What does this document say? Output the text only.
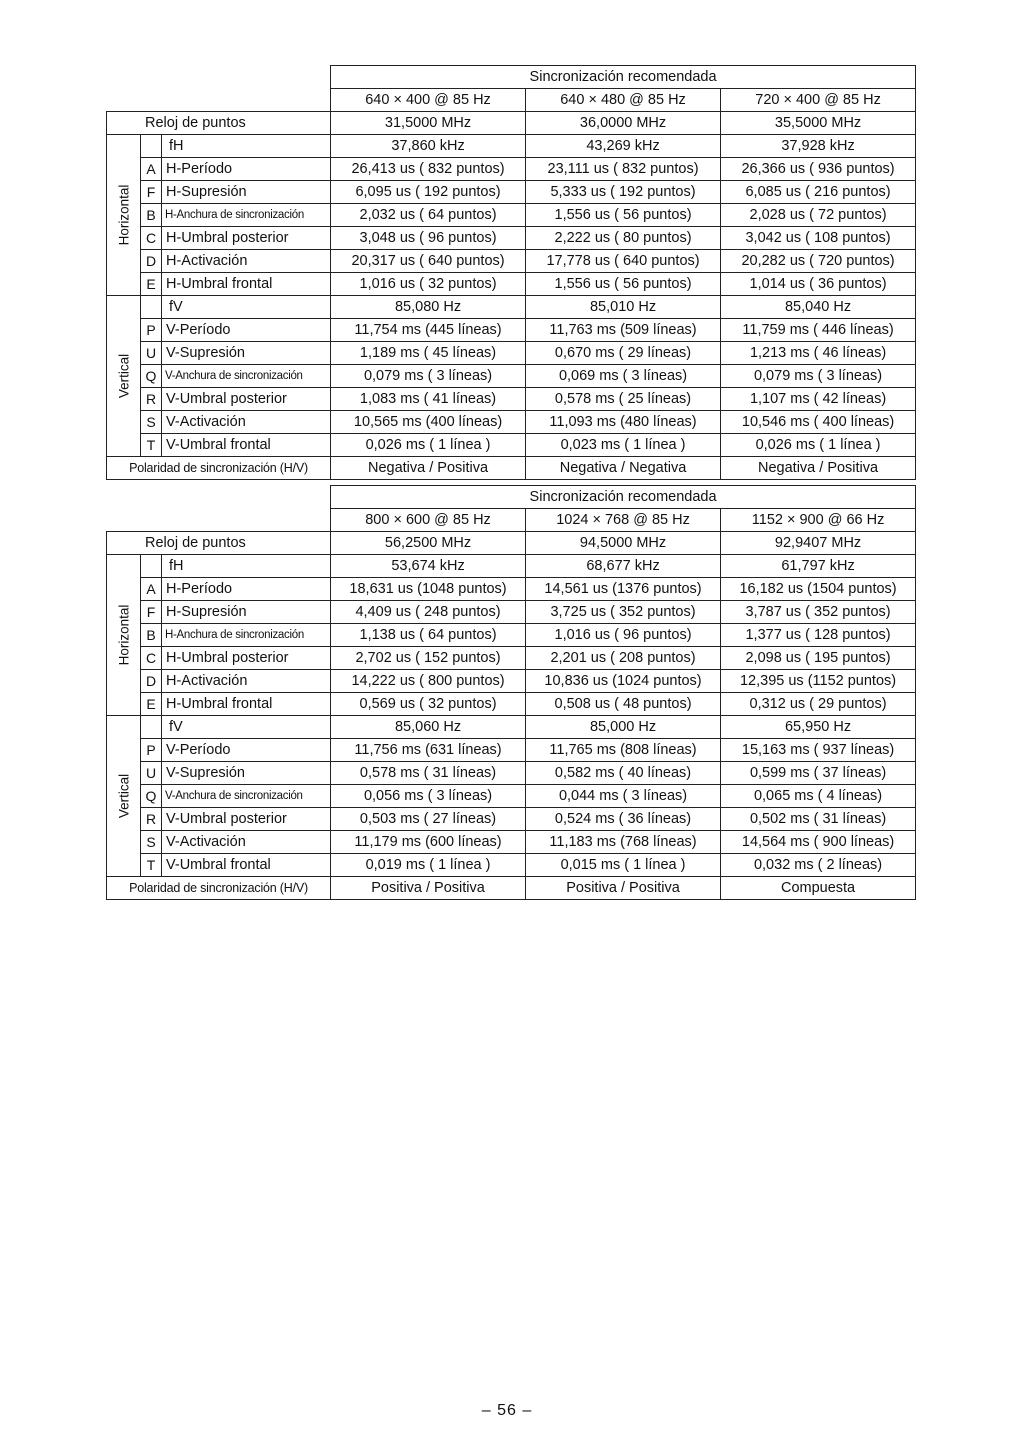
			Sincronización recomendada		
			640 × 400 @ 85 Hz	640 × 480 @ 85 Hz	720 × 400 @ 85 Hz
Reloj de puntos			31,5000 MHz	36,0000 MHz	35,5000 MHz

Horizontal		fH	37,860 kHz	43,269 kHz	37,928 kHz
	A	H-Período	26,413 us ( 832 puntos)	23,111 us ( 832 puntos)	26,366 us ( 936 puntos)
	F	H-Supresión	6,095 us ( 192 puntos)	5,333 us ( 192 puntos)	6,085 us ( 216 puntos)
	B	H-Anchura de sincronización	2,032 us ( 64 puntos)	1,556 us ( 56 puntos)	2,028 us ( 72 puntos)
	C	H-Umbral posterior	3,048 us ( 96 puntos)	2,222 us ( 80 puntos)	3,042 us ( 108 puntos)
	D	H-Activación	20,317 us ( 640 puntos)	17,778 us ( 640 puntos)	20,282 us ( 720 puntos)
	E	H-Umbral frontal	1,016 us ( 32 puntos)	1,556 us ( 56 puntos)	1,014 us ( 36 puntos)

Vertical		fV	85,080 Hz	85,010 Hz	85,040 Hz
	P	V-Período	11,754 ms (445 líneas)	11,763 ms (509 líneas)	11,759 ms ( 446 líneas)
	U	V-Supresión	1,189 ms ( 45 líneas)	0,670 ms ( 29 líneas)	1,213 ms ( 46 líneas)
	Q	V-Anchura de sincronización	0,079 ms ( 3 líneas)	0,069 ms ( 3 líneas)	0,079 ms ( 3 líneas)
	R	V-Umbral posterior	1,083 ms ( 41 líneas)	0,578 ms ( 25 líneas)	1,107 ms ( 42 líneas)
	S	V-Activación	10,565 ms (400 líneas)	11,093 ms (480 líneas)	10,546 ms ( 400 líneas)
	T	V-Umbral frontal	0,026 ms ( 1 línea )	0,023 ms ( 1 línea )	0,026 ms ( 1 línea )
Polaridad de sincronización (H/V)			Negativa / Positiva	Negativa / Negativa	Negativa / Positiva
			Sincronización recomendada		
			800 × 600 @ 85 Hz	1024 × 768 @ 85 Hz	1152 × 900 @ 66 Hz
Reloj de puntos			56,2500 MHz	94,5000 MHz	92,9407 MHz

Horizontal		fH	53,674 kHz	68,677 kHz	61,797 kHz
	A	H-Período	18,631 us (1048 puntos)	14,561 us (1376 puntos)	16,182 us (1504 puntos)
	F	H-Supresión	4,409 us ( 248 puntos)	3,725 us ( 352 puntos)	3,787 us ( 352 puntos)
	B	H-Anchura de sincronización	1,138 us ( 64 puntos)	1,016 us ( 96 puntos)	1,377 us ( 128 puntos)
	C	H-Umbral posterior	2,702 us ( 152 puntos)	2,201 us ( 208 puntos)	2,098 us ( 195 puntos)
	D	H-Activación	14,222 us ( 800 puntos)	10,836 us (1024 puntos)	12,395 us (1152 puntos)
	E	H-Umbral frontal	0,569 us ( 32 puntos)	0,508 us ( 48 puntos)	0,312 us ( 29 puntos)

Vertical		fV	85,060 Hz	85,000 Hz	65,950 Hz
	P	V-Período	11,756 ms (631 líneas)	11,765 ms (808 líneas)	15,163 ms ( 937 líneas)
	U	V-Supresión	0,578 ms ( 31 líneas)	0,582 ms ( 40 líneas)	0,599 ms ( 37 líneas)
	Q	V-Anchura de sincronización	0,056 ms ( 3 líneas)	0,044 ms ( 3 líneas)	0,065 ms ( 4 líneas)
	R	V-Umbral posterior	0,503 ms ( 27 líneas)	0,524 ms ( 36 líneas)	0,502 ms ( 31 líneas)
	S	V-Activación	11,179 ms (600 líneas)	11,183 ms (768 líneas)	14,564 ms ( 900 líneas)
	T	V-Umbral frontal	0,019 ms ( 1 línea )	0,015 ms ( 1 línea )	0,032 ms ( 2 líneas)
Polaridad de sincronización (H/V)			Positiva / Positiva	Positiva / Positiva	Compuesta
– 56 –
